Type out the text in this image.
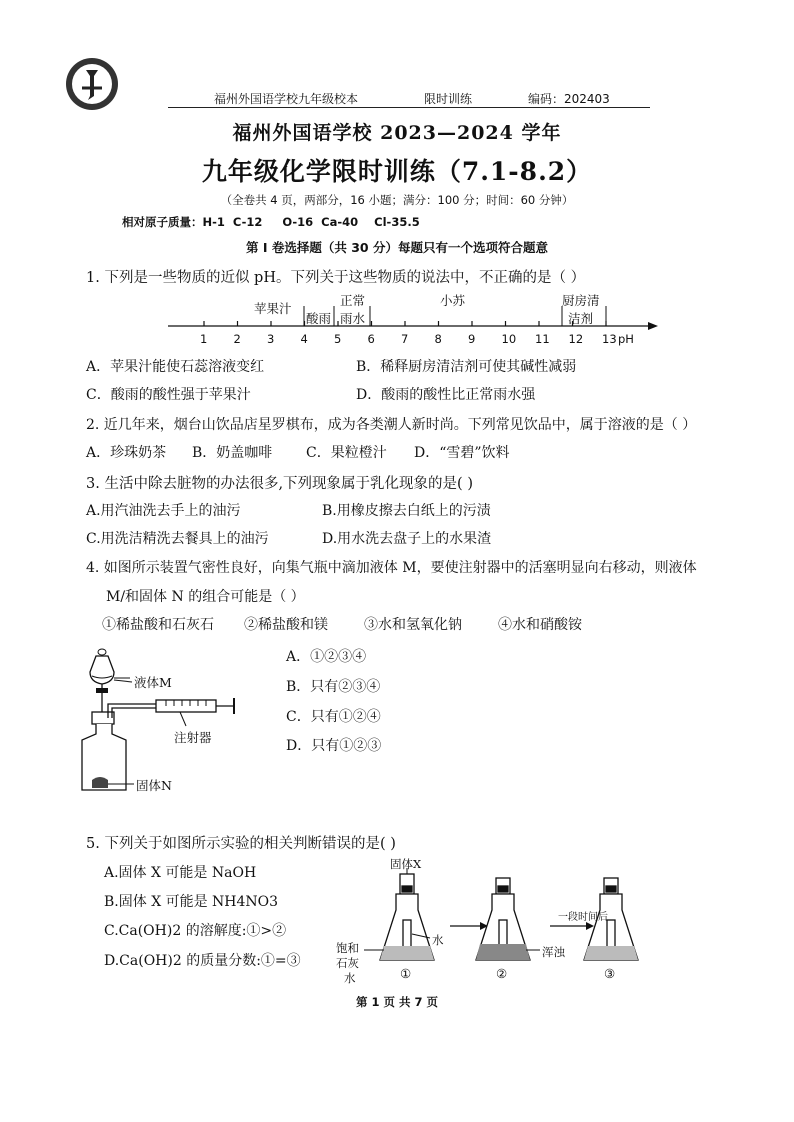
福州外国语学校九年级校本	限时训练	编码：202403
福州外国语学校 2023—2024 学年
九年级化学限时训练（7.1-8.2）
（全卷共 4 页，两部分，16 小题；满分：100 分；时间：60 分钟）
相对原子质量：H-1  C-12     O-16  Ca-40    Cl-35.5
第 I 卷选择题（共 30 分）每题只有一个选项符合题意
1. 下列是一些物质的近似 pH。下列关于这些物质的说法中，不正确的是（ ）
苹果汁
酸雨
正常
雨水
小苏	厨房清
洁剂
1 2 3 4 5 6 7 8 9 10 11 12 13 pH
A．苹果汁能使石蕊溶液变红	B．稀释厨房清洁剂可使其碱性减弱
C．酸雨的酸性强于苹果汁	D．酸雨的酸性比正常雨水强
2. 近几年来，烟台山饮品店星罗棋布，成为各类潮人新时尚。下列常见饮品中，属于溶液的是（ ）
A．珍珠奶茶 B．奶盖咖啡 C．果粒橙汁 D．“雪碧”饮料
3. 生活中除去脏物的办法很多,下列现象属于乳化现象的是( )
A.用汽油洗去手上的油污	B.用橡皮擦去白纸上的污渍
C.用洗洁精洗去餐具上的油污	D.用水洗去盘子上的水果渣
4. 如图所示装置气密性良好，向集气瓶中滴加液体 M，要使注射器中的活塞明显向右移动，则液体
M/和固体 N 的组合可能是（ ）
①稀盐酸和石灰石 ②稀盐酸和镁	③水和氢氧化钠	④水和硝酸铵
液体M
注射器
固体N
A．①②③④
B．只有②③④
C．只有①②④
D．只有①②③
5. 下列关于如图所示实验的相关判断错误的是( )
A.固体 X 可能是 NaOH
B.固体 X 可能是 NH4NO3
C.Ca(OH)2 的溶解度:①>②
D.Ca(OH)2 的质量分数:①=③
固体X
水
饱和
石灰
水
浑浊
一段时间后
①	②	③
第 1 页 共 7 页
